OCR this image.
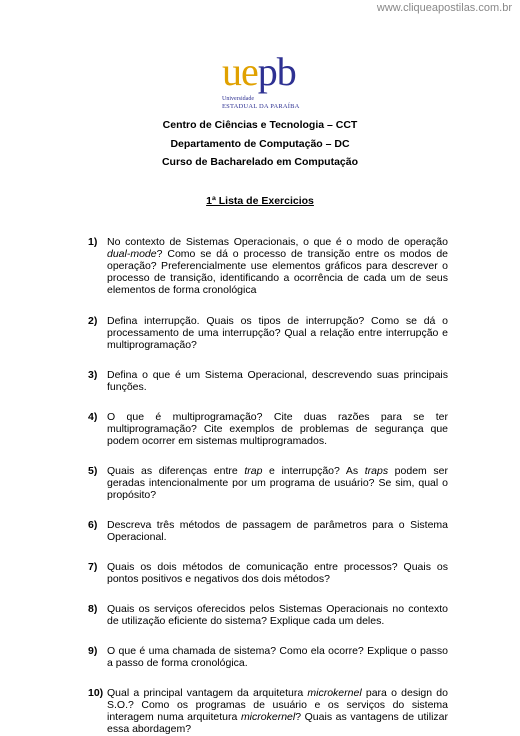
www.cliqueapostilas.com.br
uepb
Universidade
ESTADUAL DA PARAÍBA
Centro de Ciências e Tecnologia – CCT
Departamento de Computação – DC
Curso de Bacharelado em Computação
1ª Lista de Exercicios
1) No contexto de Sistemas Operacionais, o que é o modo de operação dual-mode? Como se dá o processo de transição entre os modos de operação? Preferencialmente use elementos gráficos para descrever o processo de transição, identificando a ocorrência de cada um de seus elementos de forma cronológica
2) Defina interrupção. Quais os tipos de interrupção? Como se dá o processamento de uma interrupção? Qual a relação entre interrupção e multiprogramação?
3) Defina o que é um Sistema Operacional, descrevendo suas principais funções.
4) O que é multiprogramação? Cite duas razões para se ter multiprogramação? Cite exemplos de problemas de segurança que podem ocorrer em sistemas multiprogramados.
5) Quais as diferenças entre trap e interrupção? As traps podem ser geradas intencionalmente por um programa de usuário? Se sim, qual o propósito?
6) Descreva três métodos de passagem de parâmetros para o Sistema Operacional.
7) Quais os dois métodos de comunicação entre processos? Quais os pontos positivos e negativos dos dois métodos?
8) Quais os serviços oferecidos pelos Sistemas Operacionais no contexto de utilização eficiente do sistema? Explique cada um deles.
9) O que é uma chamada de sistema? Como ela ocorre? Explique o passo a passo de forma cronológica.
10) Qual a principal vantagem da arquitetura microkernel para o design do S.O.? Como os programas de usuário e os serviços do sistema interagem numa arquitetura microkernel? Quais as vantagens de utilizar essa abordagem?
